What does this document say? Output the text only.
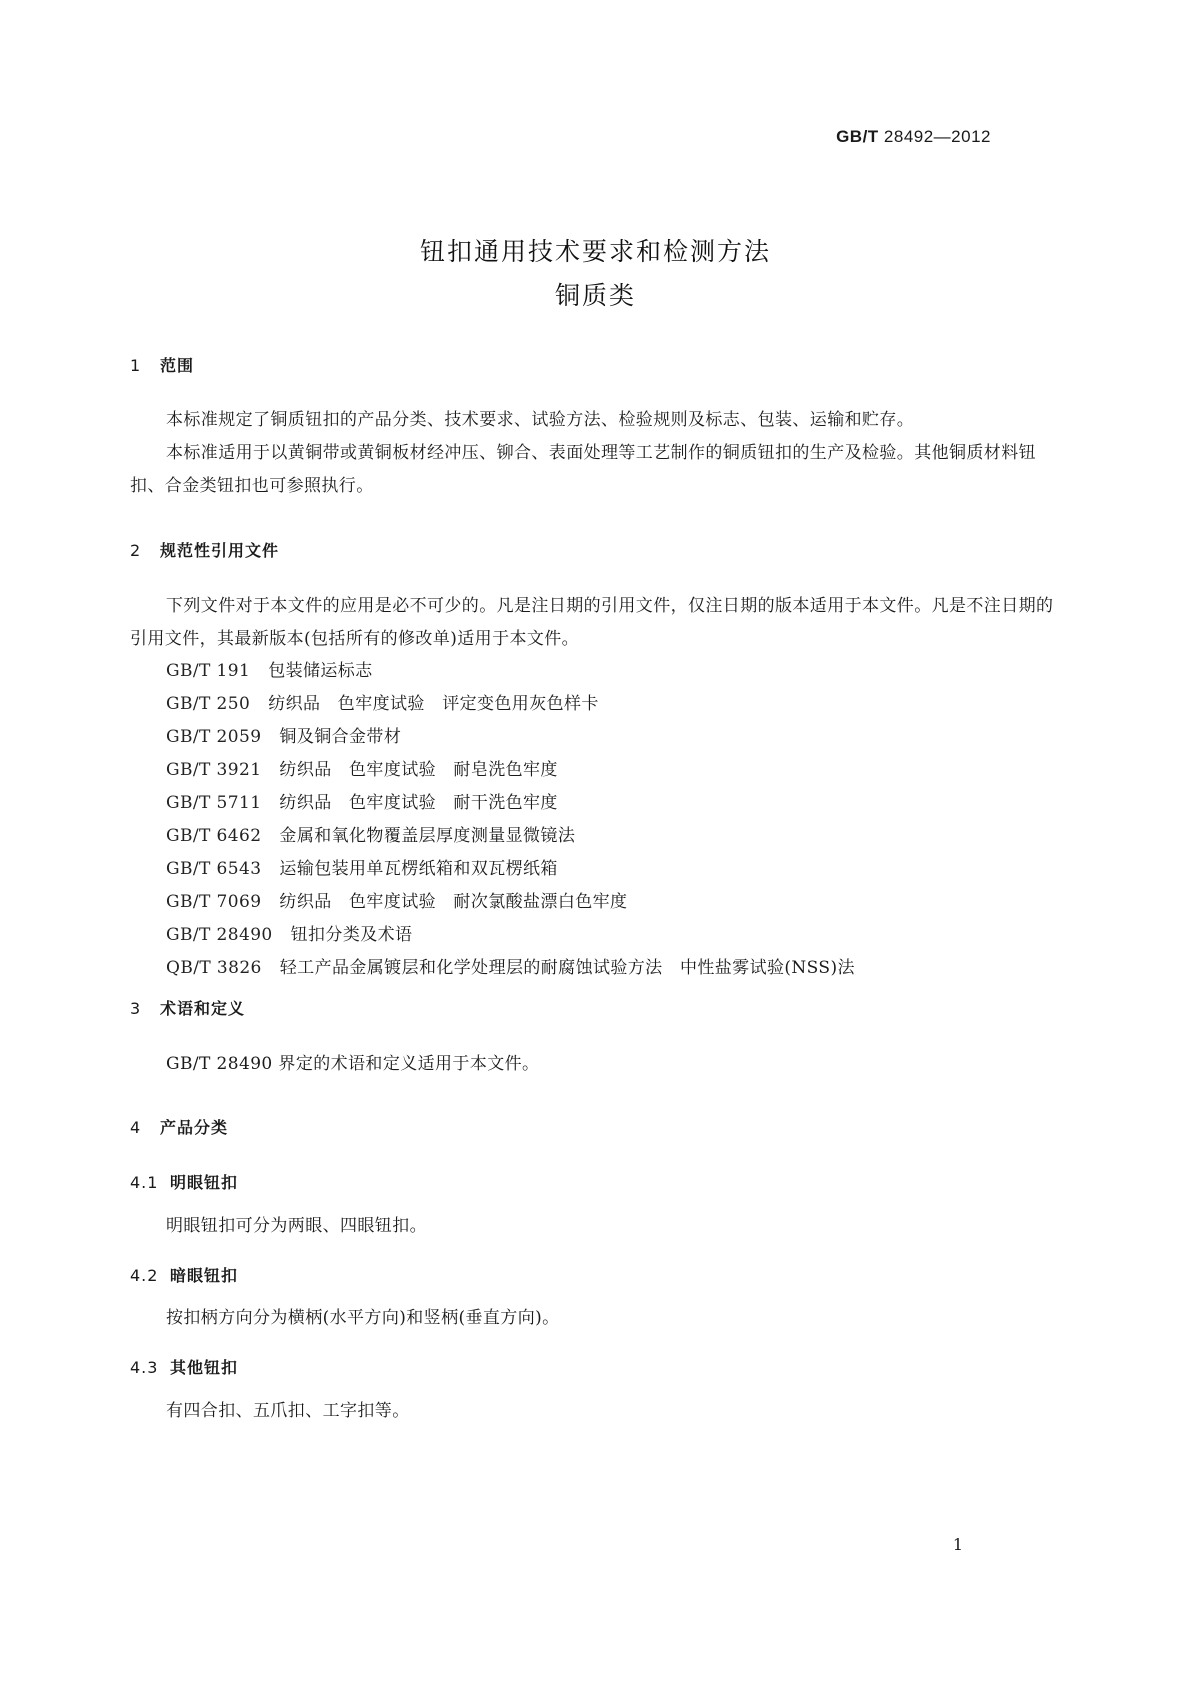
GB/T 28492—2012
钮扣通用技术要求和检测方法
铜质类
1 范围
本标准规定了铜质钮扣的产品分类、技术要求、试验方法、检验规则及标志、包装、运输和贮存。
本标准适用于以黄铜带或黄铜板材经冲压、铆合、表面处理等工艺制作的铜质钮扣的生产及检验。其他铜质材料钮扣、合金类钮扣也可参照执行。
2 规范性引用文件
下列文件对于本文件的应用是必不可少的。凡是注日期的引用文件，仅注日期的版本适用于本文件。凡是不注日期的引用文件，其最新版本(包括所有的修改单)适用于本文件。
GB/T 191 包装储运标志
GB/T 250 纺织品　色牢度试验　评定变色用灰色样卡
GB/T 2059 铜及铜合金带材
GB/T 3921 纺织品　色牢度试验　耐皂洗色牢度
GB/T 5711 纺织品　色牢度试验　耐干洗色牢度
GB/T 6462 金属和氧化物覆盖层厚度测量显微镜法
GB/T 6543 运输包装用单瓦楞纸箱和双瓦楞纸箱
GB/T 7069 纺织品　色牢度试验　耐次氯酸盐漂白色牢度
GB/T 28490 钮扣分类及术语
QB/T 3826 轻工产品金属镀层和化学处理层的耐腐蚀试验方法　中性盐雾试验(NSS)法
3 术语和定义
GB/T 28490 界定的术语和定义适用于本文件。
4 产品分类
4.1 明眼钮扣
明眼钮扣可分为两眼、四眼钮扣。
4.2 暗眼钮扣
按扣柄方向分为横柄(水平方向)和竖柄(垂直方向)。
4.3 其他钮扣
有四合扣、五爪扣、工字扣等。
1
